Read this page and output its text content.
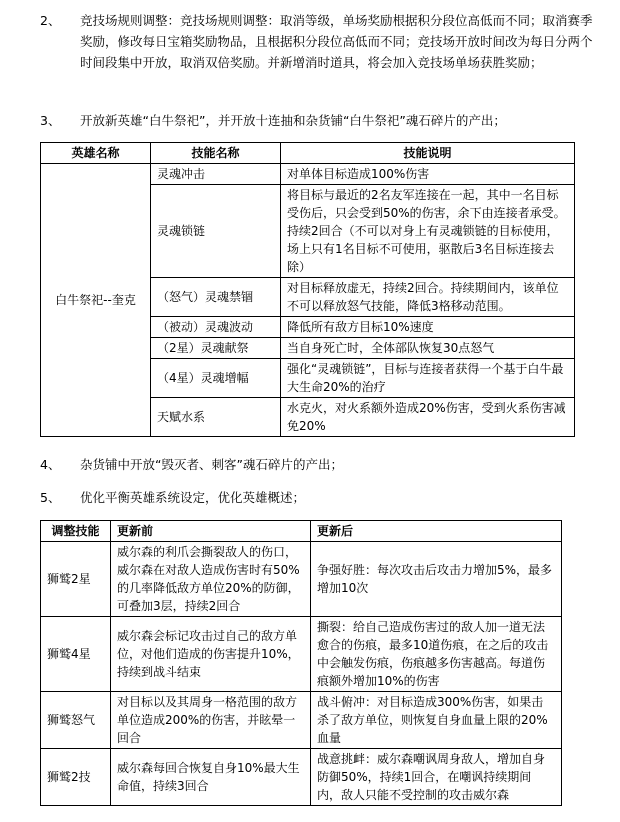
2、 竞技场规则调整：竞技场规则调整：取消等级，单场奖励根据积分段位高低而不同；取消赛季奖励，修改每日宝箱奖励物品，且根据积分段位高低而不同；竞技场开放时间改为每日分两个时间段集中开放，取消双倍奖励。并新增消时道具，将会加入竞技场单场获胜奖励；
3、 开放新英雄“白牛祭祀”，并开放十连抽和杂货铺“白牛祭祀”魂石碎片的产出；
英雄名称	技能名称	技能说明
白牛祭祀--奎克	灵魂冲击	对单体目标造成100%伤害
	灵魂锁链	将目标与最近的2名友军连接在一起，其中一名目标受伤后，只会受到50%的伤害，余下由连接者承受。持续2回合（不可以对身上有灵魂锁链的目标使用，场上只有1名目标不可使用，驱散后3名目标连接去除）
	（怒气）灵魂禁锢	对目标释放虚无，持续2回合。持续期间内，该单位不可以释放怒气技能，降低3格移动范围。
	（被动）灵魂波动	降低所有敌方目标10%速度
	（2星）灵魂献祭	当自身死亡时，全体部队恢复30点怒气
	（4星）灵魂增幅	强化“灵魂锁链”，目标与连接者获得一个基于白牛最大生命20%的治疗
	天赋水系	水克火，对火系额外造成20%伤害，受到火系伤害减免20%
4、 杂货铺中开放“毁灭者、刺客”魂石碎片的产出；
5、 优化平衡英雄系统设定，优化英雄概述；
调整技能	更新前	更新后
狮鹫2星	威尔森的利爪会撕裂敌人的伤口，威尔森在对敌人造成伤害时有50%的几率降低敌方单位20%的防御，可叠加3层，持续2回合	争强好胜：每次攻击后攻击力增加5%，最多增加10次
狮鹫4星	威尔森会标记攻击过自己的敌方单位，对他们造成的伤害提升10%，持续到战斗结束	撕裂：给自己造成伤害过的敌人加一道无法愈合的伤痕，最多10道伤痕，在之后的攻击中会触发伤痕，伤痕越多伤害越高。每道伤痕额外增加10%的伤害
狮鹫怒气	对目标以及其周身一格范围的敌方单位造成200%的伤害，并眩晕一回合	战斗俯冲：对目标造成300%伤害，如果击杀了敌方单位，则恢复自身血量上限的20%血量
狮鹫2技	威尔森每回合恢复自身10%最大生命值，持续3回合	战意挑衅：威尔森嘲讽周身敌人，增加自身防御50%，持续1回合，在嘲讽持续期间内，敌人只能不受控制的攻击威尔森
